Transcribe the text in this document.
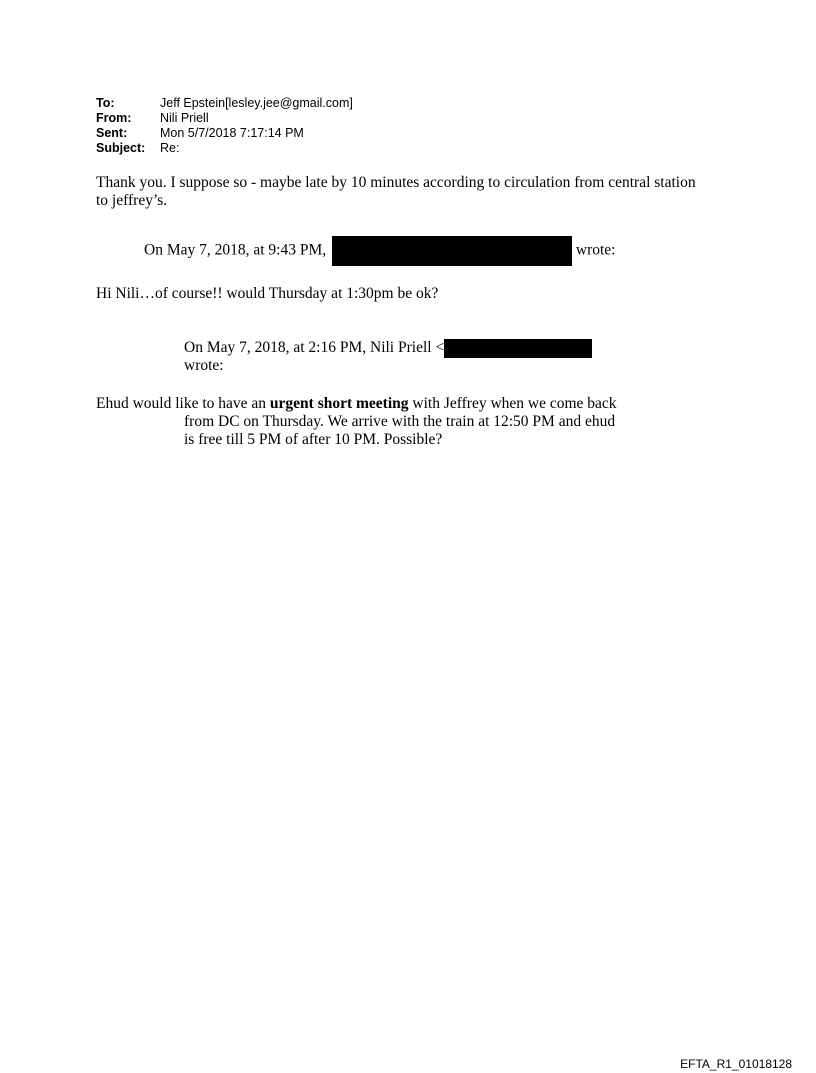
To:	Jeff Epstein[lesley.jee@gmail.com]
From:	Nili Priell
Sent:	Mon 5/7/2018 7:17:14 PM
Subject:	Re:
Thank you. I suppose so - maybe late by 10 minutes according to circulation from central station
to jeffrey’s.
On May 7, 2018, at 9:43 PM,	wrote:
Hi Nili…of course!! would Thursday at 1:30pm be ok?
On May 7, 2018, at 2:16 PM, Nili Priell <
wrote:
Ehud would like to have an urgent short meeting with Jeffrey when we come back
from DC on Thursday. We arrive with the train at 12:50 PM and ehud
is free till 5 PM of after 10 PM. Possible?
EFTA_R1_01018128
